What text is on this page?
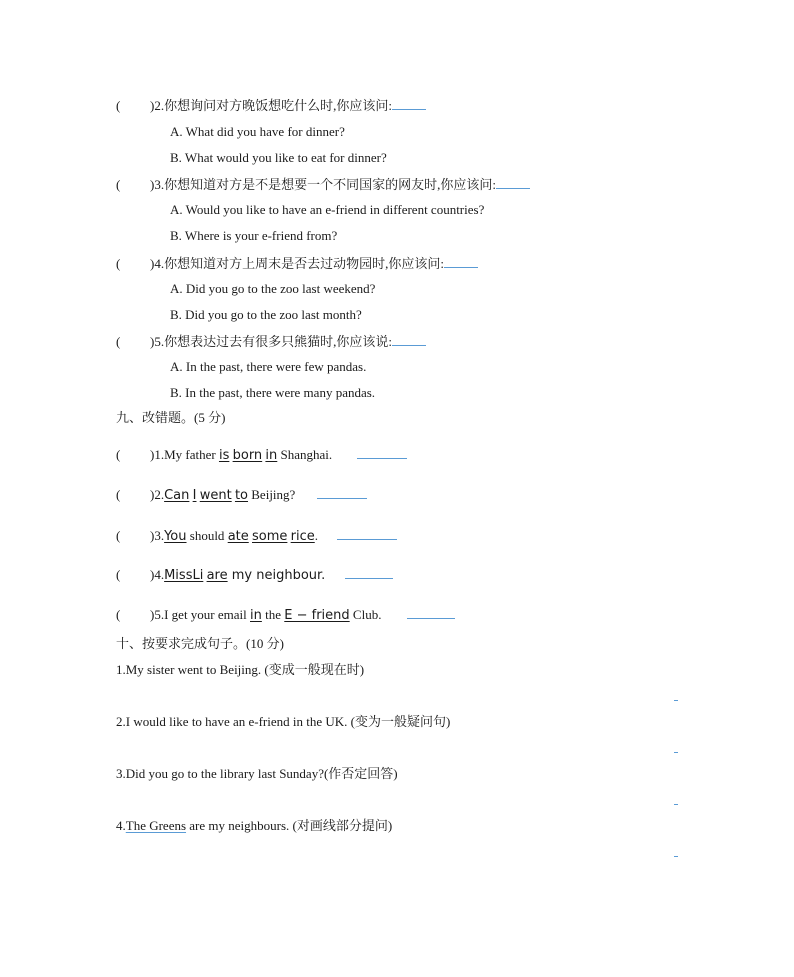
( )2.你想询问对方晚饭想吃什么时,你应该问:
A. What did you have for dinner?
B. What would you like to eat for dinner?
( )3.你想知道对方是不是想要一个不同国家的网友时,你应该问:
A. Would you like to have an e-friend in different countries?
B. Where is your e-friend from?
( )4.你想知道对方上周末是否去过动物园时,你应该问:
A. Did you go to the zoo last weekend?
B. Did you go to the zoo last month?
( )5.你想表达过去有很多只熊猫时,你应该说:
A. In the past, there were few pandas.
B. In the past, there were many pandas.
九、改错题。(5 分)
( )1.My father is born in Shanghai.
( )2.Can I went to Beijing?
( )3.You should ate some rice.
( )4.MissLi are my neighbour.
( )5.I get your email in the E − friend Club.
十、按要求完成句子。(10 分)
1.My sister went to Beijing. (变成一般现在时)
2.I would like to have an e-friend in the UK. (变为一般疑问句)
3.Did you go to the library last Sunday?(作否定回答)
4.The Greens are my neighbours. (对画线部分提问)
